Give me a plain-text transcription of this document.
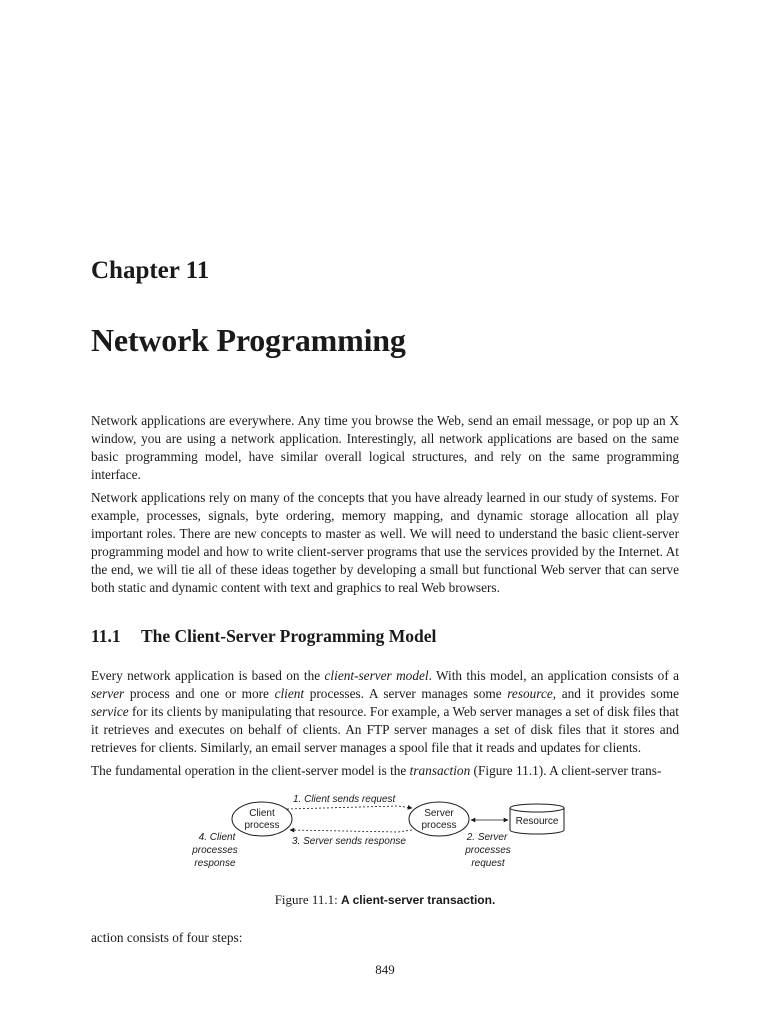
Chapter 11
Network Programming

Network applications are everywhere. Any time you browse the Web, send an email message, or pop up an X window, you are using a network application. Interestingly, all network applications are based on the same basic programming model, have similar overall logical structures, and rely on the same programming interface.

Network applications rely on many of the concepts that you have already learned in our study of systems. For example, processes, signals, byte ordering, memory mapping, and dynamic storage allocation all play important roles. There are new concepts to master as well. We will need to understand the basic client-server programming model and how to write client-server programs that use the services provided by the Internet. At the end, we will tie all of these ideas together by developing a small but functional Web server that can serve both static and dynamic content with text and graphics to real Web browsers.

11.1 The Client-Server Programming Model

Every network application is based on the client-server model. With this model, an application consists of a server process and one or more client processes. A server manages some resource, and it provides some service for its clients by manipulating that resource. For example, a Web server manages a set of disk files that it retrieves and executes on behalf of clients. An FTP server manages a set of disk files that it stores and retrieves for clients. Similarly, an email server manages a spool file that it reads and updates for clients.

The fundamental operation in the client-server model is the transaction (Figure 11.1). A client-server trans-

1. Client sends request
Client
process
Server
process
3. Server sends response
Resource
4. Client
processes
response
2. Server
processes
request

Figure 11.1: A client-server transaction.

action consists of four steps:

849
